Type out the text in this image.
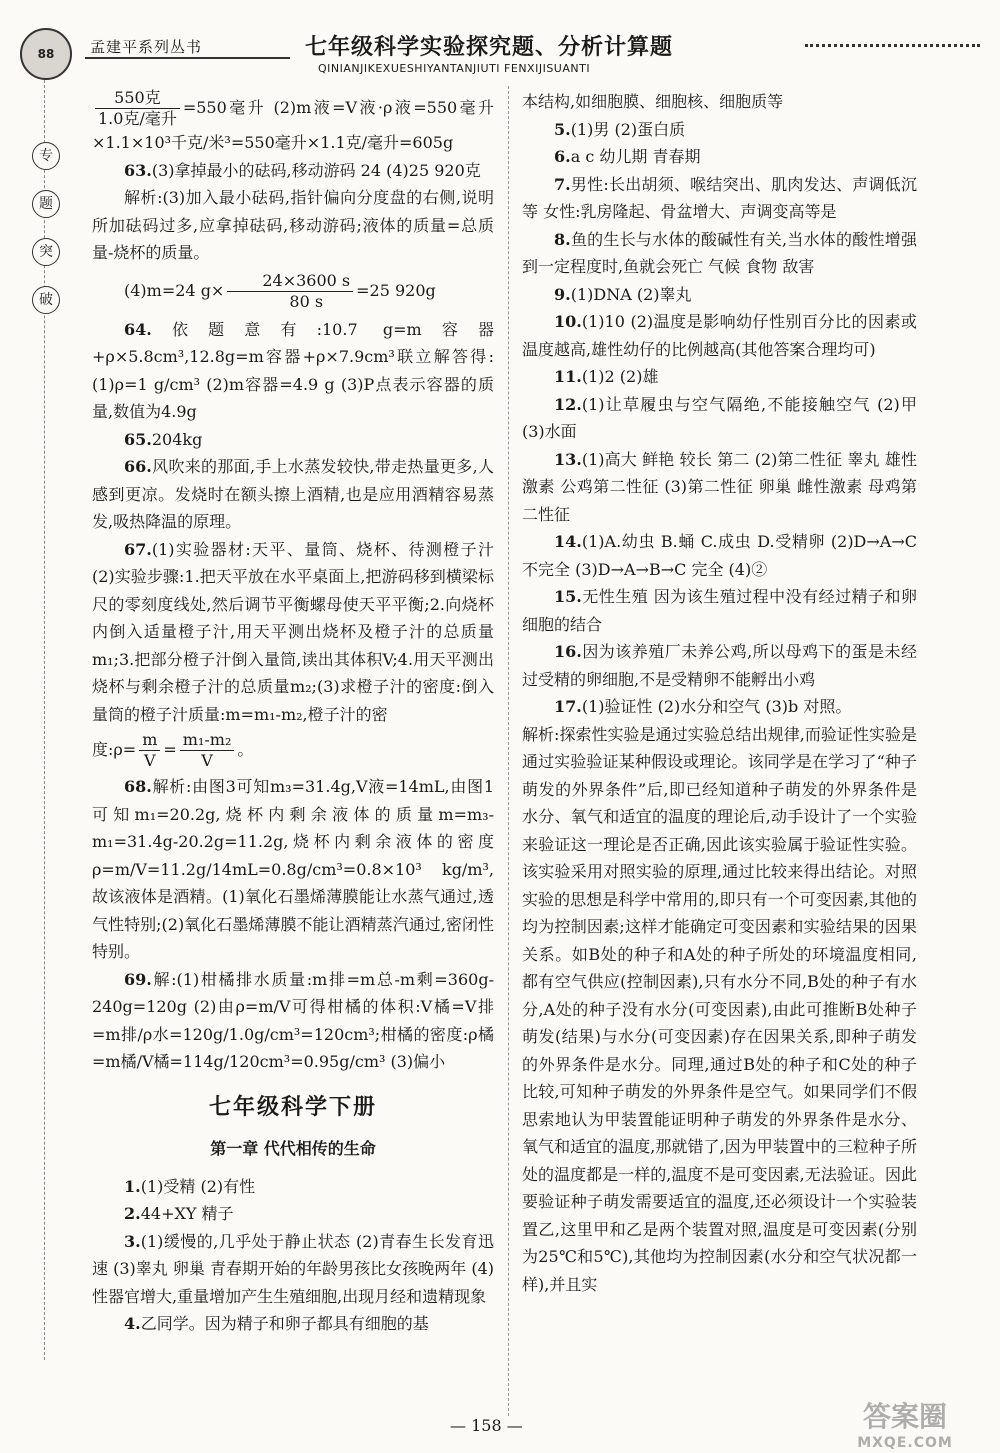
88	孟建平系列丛书	七年级科学实验探究题、分析计算题
QINIANJIKEXUESHIYANTANJIUTI FENXIJISUANTI
专
题
突
破

$\frac{\text{550克}}{\text{1.0克/毫升}} =550$毫升 (2)m液=V液·ρ液=550毫升×1.1×10³千克/米³=550毫升×1.1克/毫升=605g

63.(3)拿掉最小的砝码,移动游码 24 (4)25 920克

解析:(3)加入最小砝码,指针偏向分度盘的右侧,说明所加砝码过多,应拿掉砝码,移动游码;液体的质量=总质量-烧杯的质量。

(4)m=24 $g\times \frac{24\times 3600 s}{80 s} =25$ 920g

64.依题意有:10.7 g=m容器+ρ×5.8cm³,12.8g=m容器+ρ×7.9cm³联立解答得:(1)ρ=1 g/cm³ (2)m容器=4.9 g (3)P点表示容器的质量,数值为4.9g

65.204kg

66.风吹来的那面,手上水蒸发较快,带走热量更多,人感到更凉。发烧时在额头擦上酒精,也是应用酒精容易蒸发,吸热降温的原理。

67.(1)实验器材:天平、量筒、烧杯、待测橙子汁 (2)实验步骤:1.把天平放在水平桌面上,把游码移到横梁标尺的零刻度线处,然后调节平衡螺母使天平平衡;2.向烧杯内倒入适量橙子汁,用天平测出烧杯及橙子汁的总质量m₁;3.把部分橙子汁倒入量筒,读出其体积V;4.用天平测出烧杯与剩余橙子汁的总质量m₂;(3)求橙子汁的密度:倒入量筒的橙子汁质量:m=m₁-m₂,橙子汁的密

度:ρ= $\frac{m}{V} = \frac{\text{m₁-m₂}}{V}$ 。

68.解析:由图3可知m₃=31.4g,V液=14mL,由图1可知m₁=20.2g,烧杯内剩余液体的质量m=m₃-m₁=31.4g-20.2g=11.2g,烧杯内剩余液体的密度ρ=m/V=11.2g/14mL=0.8g/cm³=0.8×10³ kg/m³,故该液体是酒精。(1)氧化石墨烯薄膜能让水蒸气通过,透气性特别;(2)氧化石墨烯薄膜不能让酒精蒸汽通过,密闭性特别。

69.解:(1)柑橘排水质量:m排=m总-m剩=360g-240g=120g (2)由ρ=m/V可得柑橘的体积:V橘=V排=m排/ρ水=120g/1.0g/cm³=120cm³;柑橘的密度:ρ橘=m橘/V橘=114g/120cm³=0.95g/cm³ (3)偏小

七年级科学下册
第一章 代代相传的生命

1.(1)受精 (2)有性

2.44+XY 精子

3.(1)缓慢的,几乎处于静止状态 (2)青春生长发育迅速 (3)睾丸 卵巢 青春期开始的年龄男孩比女孩晚两年 (4)性器官增大,重量增加产生生殖细胞,出现月经和遗精现象

4.乙同学。因为精子和卵子都具有细胞的基

本结构,如细胞膜、细胞核、细胞质等

5.(1)男 (2)蛋白质

6.a c 幼儿期 青春期

7.男性:长出胡须、喉结突出、肌肉发达、声调低沉等 女性:乳房隆起、骨盆增大、声调变高等是

8.鱼的生长与水体的酸碱性有关,当水体的酸性增强到一定程度时,鱼就会死亡 气候 食物 敌害

9.(1)DNA (2)睾丸

10.(1)10 (2)温度是影响幼仔性别百分比的因素或温度越高,雄性幼仔的比例越高(其他答案合理均可)

11.(1)2 (2)雄

12.(1)让草履虫与空气隔绝,不能接触空气 (2)甲 (3)水面

13.(1)高大 鲜艳 较长 第二 (2)第二性征 睾丸 雄性激素 公鸡第二性征 (3)第二性征 卵巢 雌性激素 母鸡第二性征

14.(1)A.幼虫 B.蛹 C.成虫 D.受精卵 (2)D→A→C 不完全 (3)D→A→B→C 完全 (4)②

15.无性生殖 因为该生殖过程中没有经过精子和卵细胞的结合

16.因为该养殖厂未养公鸡,所以母鸡下的蛋是未经过受精的卵细胞,不是受精卵不能孵出小鸡

17.(1)验证性 (2)水分和空气 (3)b 对照。

解析:探索性实验是通过实验总结出规律,而验证性实验是通过实验验证某种假设或理论。该同学是在学习了“种子萌发的外界条件”后,即已经知道种子萌发的外界条件是水分、氧气和适宜的温度的理论后,动手设计了一个实验来验证这一理论是否正确,因此该实验属于验证性实验。该实验采用对照实验的原理,通过比较来得出结论。对照实验的思想是科学中常用的,即只有一个可变因素,其他的均为控制因素;这样才能确定可变因素和实验结果的因果关系。如B处的种子和A处的种子所处的环境温度相同,都有空气供应(控制因素),只有水分不同,B处的种子有水分,A处的种子没有水分(可变因素),由此可推断B处种子萌发(结果)与水分(可变因素)存在因果关系,即种子萌发的外界条件是水分。同理,通过B处的种子和C处的种子比较,可知种子萌发的外界条件是空气。如果同学们不假思索地认为甲装置能证明种子萌发的外界条件是水分、氧气和适宜的温度,那就错了,因为甲装置中的三粒种子所处的温度都是一样的,温度不是可变因素,无法验证。因此要验证种子萌发需要适宜的温度,还必须设计一个实验装置乙,这里甲和乙是两个装置对照,温度是可变因素(分别为25℃和5℃),其他均为控制因素(水分和空气状况都一样),并且实

— 158 —	答案圈
MXQE.COM
